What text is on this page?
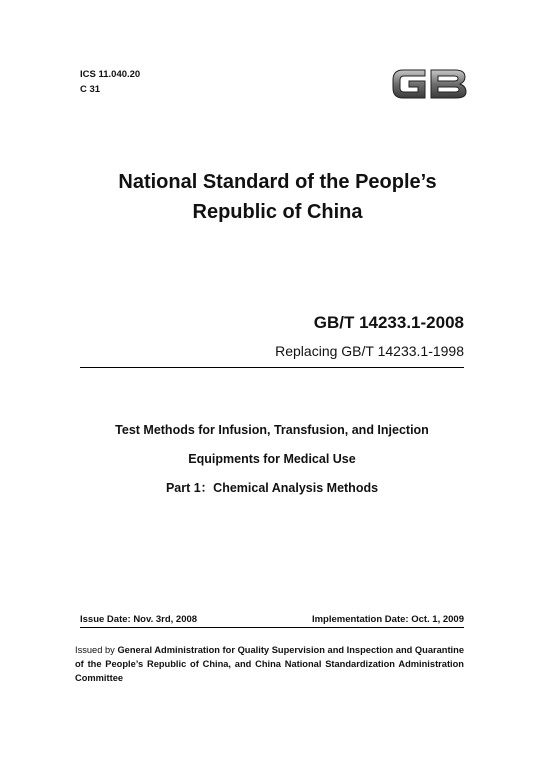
ICS 11.040.20
C 31
National Standard of the People’s
Republic of China
GB/T 14233.1-2008
Replacing GB/T 14233.1-1998
Test Methods for Infusion, Transfusion, and Injection
Equipments for Medical Use
Part 1：Chemical Analysis Methods
Issue Date: Nov. 3rd, 2008	Implementation Date: Oct. 1, 2009
Issued by General Administration for Quality Supervision and Inspection and Quarantine of the People’s Republic of China, and China National Standardization Administration Committee
